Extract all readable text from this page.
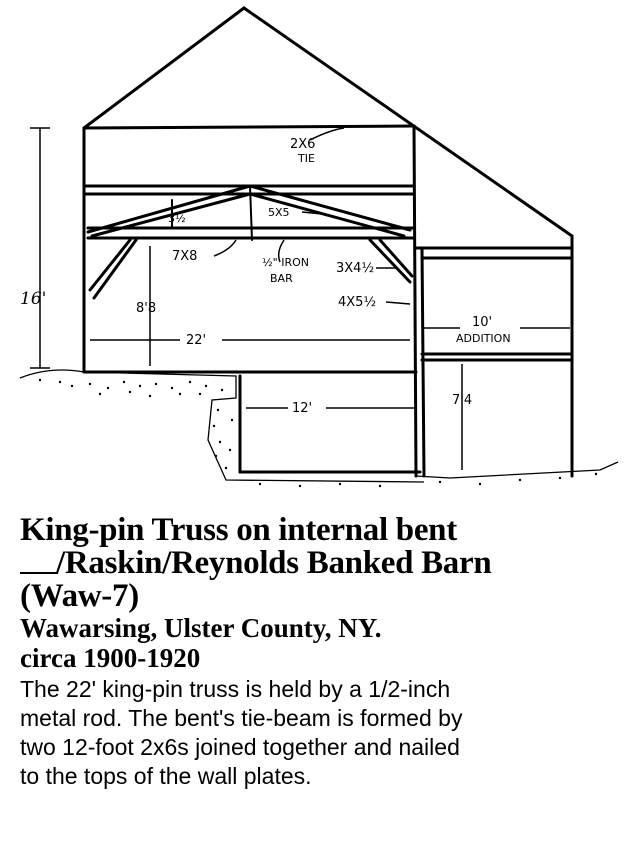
2X6
TIE
3½	5X5
7X8	½" IRON
BAR
3X4½
4X5½
16'	8'8
22'
12'
10'
ADDITION
7'4

King-pin Truss on internal bent

/Raskin/Reynolds Banked Barn

(Waw-7)

Wawarsing, Ulster County, NY.

circa 1900-1920

The 22' king-pin truss is held by a 1/2-inch
metal rod. The bent's tie-beam is formed by
two 12-foot 2x6s joined together and nailed
to the tops of the wall plates.
